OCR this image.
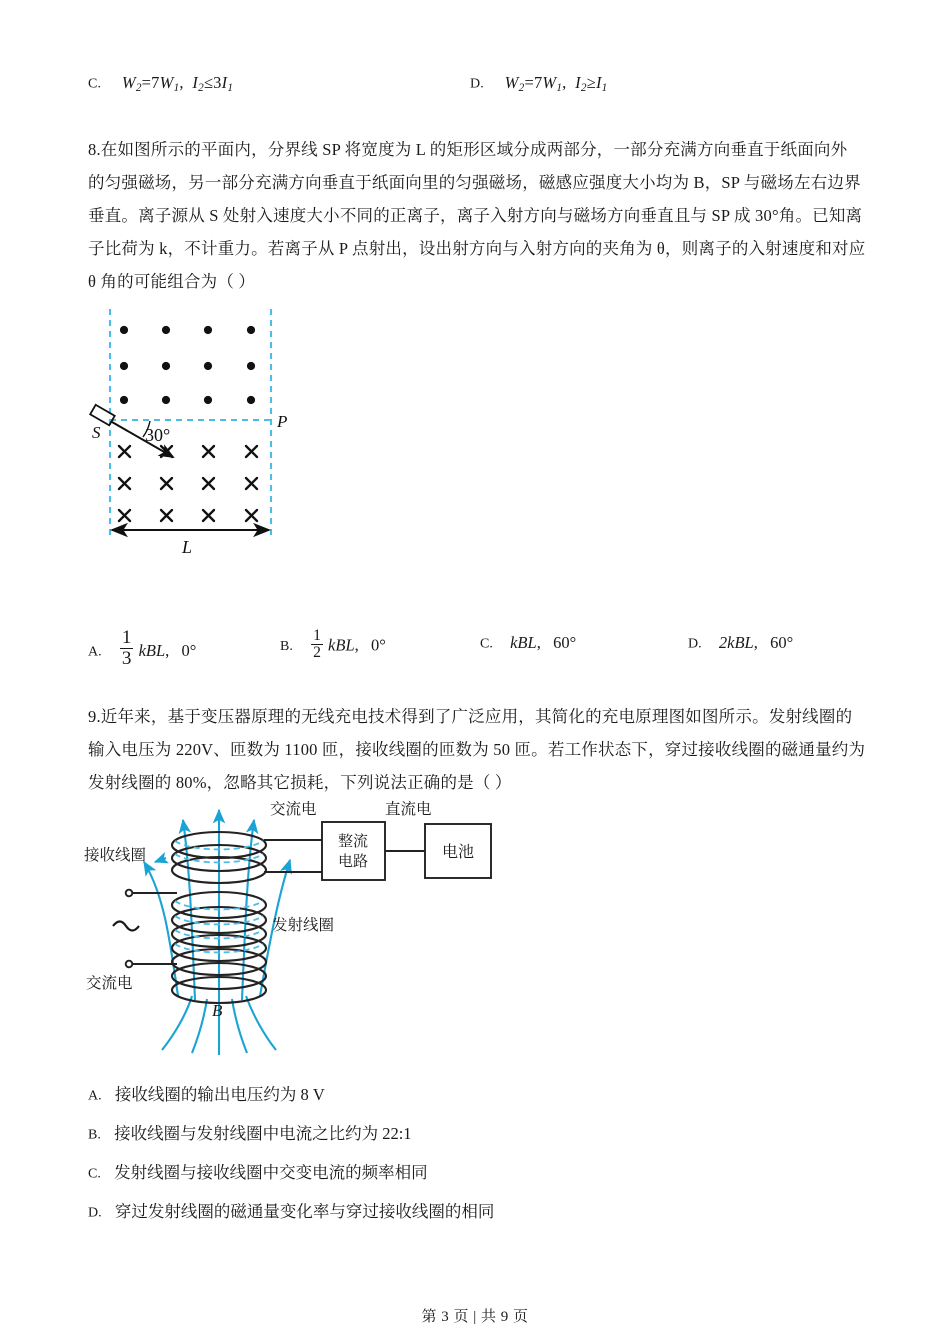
C. $W_2=7W_1$, $I_2\le 3I_1$	D. $W_2=7W_1$, $I_2\ge I_1$
8.在如图所示的平面内，分界线 SP 将宽度为 L 的矩形区域分成两部分，一部分充满方向垂直于纸面向外
的匀强磁场，另一部分充满方向垂直于纸面向里的匀强磁场，磁感应强度大小均为 B，SP 与磁场左右边界
垂直。离子源从 S 处射入速度大小不同的正离子，离子入射方向与磁场方向垂直且与 SP 成 30°角。已知离
子比荷为 k，不计重力。若离子从 P 点射出，设出射方向与入射方向的夹角为 θ，则离子的入射速度和对应
θ 角的可能组合为（ ）
S
P
30°
L
A. $\frac{1}{3}$ kBL, 0°	B. $\frac{1}{2}$ kBL, 0°	C. kBL, 60°	D. 2kBL, 60°
9.近年来，基于变压器原理的无线充电技术得到了广泛应用，其简化的充电原理图如图所示。发射线圈的
输入电压为 220V、匝数为 1100 匝，接收线圈的匝数为 50 匝。若工作状态下，穿过接收线圈的磁通量约为
发射线圈的 80%，忽略其它损耗，下列说法正确的是（ ）
整流
电路	电池
接收线圈
发射线圈
交流电	直流电
交流电
B
A. 接收线圈的输出电压约为 8 V
B. 接收线圈与发射线圈中电流之比约为 22:1
C. 发射线圈与接收线圈中交变电流的频率相同
D. 穿过发射线圈的磁通量变化率与穿过接收线圈的相同
第 3 页 | 共 9 页
